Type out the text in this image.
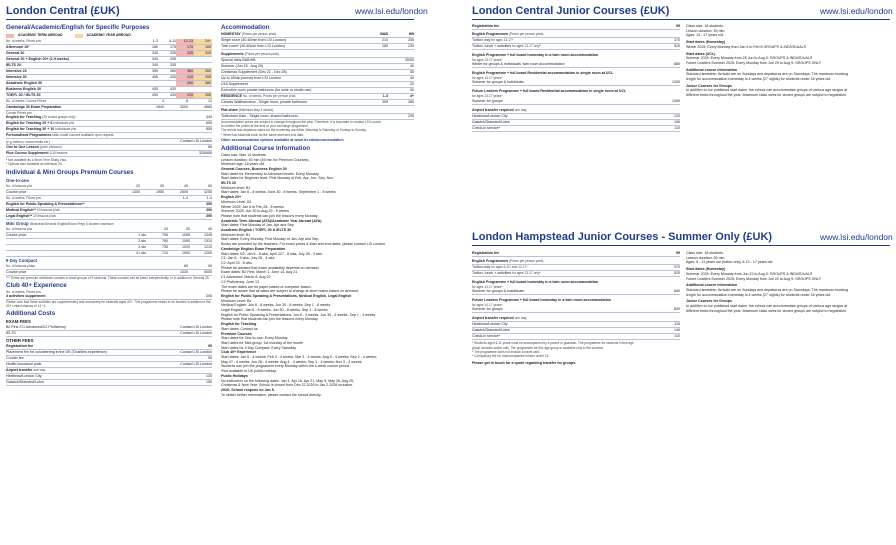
London Central (£UK)	www.lsi.edu/london	London Central Junior Courses (£UK)	www.lsi.edu/london
London Hampstead Junior Courses - Summer Only (£UK)	www.lsi.edu/london
General/Academic/English for Specific Purposes
ACADEMIC TERM ABROAD	ACADEMIC YEAR ABROAD
No. of weeks. Prices p/w	1-3	4-11	12-23	24+
Afternoon 10*	180	175	170	165
General 20	345	335	325	315
General 20 + English 20+ (1-9 weeks)	345	335
IELTS 20	345	335
Intensive 24	395	380	360	350
Intensive 30	455	430	410	395
Academic English 30	390	380
Business English 30	455	430
TOEFL 30 / IELTS 30	455	430	410	395
No. of weeks. Course Prices	4	8	12
Cambridge 30 Exam Preparation	1640	3200	4680
Course Prices p/w
English for Teaching (20 closed groups only)	345
English for Teaching 20 + 5 individuals p/w	600
English for Teaching 30 + 10 individuals p/w	855
Personalised Programmes tailor-made courses available upon request.
(e.g. fashion, social media etc.)	Contact LSI London
One to One Lesson (price p/lesson)	65
Plus Course Supplement 1/10 lessons	325/650
* Not available as a Short Term Study Visa.
* Options also available as Intensive 24.
Individual & Mini Groups Premium Courses
One-to-one
No. of lessons p/w	20	30	40	50
Course price	1300	1950	2600	3250
No. of weeks. Prices p/w	1-4	1-4
English for Public Speaking & Presentations**	390
Medical English** 10 lessons p/wk	390
Legal English** 10 lessons p/wk	390
Mini Group (Business/General English/Exam Prep) 5 student maximum
No. of lessons p/w	20	30	40
Course price	1 stu	795	1065	1345
2 stu	760	1050	1310
3 stu	735	1020	1210
4+ stu	710	1000	1200
9 Day Compact
No. of lessons p/day	60	90
Course price	3330	5000
*** These are premium certificate courses in small groups of 5 students. These courses can be taken independently, or in addition to General 30.
Club 40+ Experience
No. of weeks. Prices p/w
3 activities supplement	305
Please note that these activities are supplementary and exclusively for students aged 40+. This programme needs to be booked in addition to the 40+ Linked classes of 14 +1.
Additional Costs
EXAM FEES
B2 First /C1 Advanced/C2 Proficiency	Contact LSI London
IELTS	Contact LSI London
OTHER FEES
Registration fee	95
Placement fee for volunteering in the UK (Charities experience)	Contact LSI London
Courier fee	95
Health insurance p/wk	Contact LSI London
Airport transfer one way
Heathrow/London City	120
Gatwick/Stansted/Luton	150
Accommodation
HOMESTAY (Prices per person p/wk)	B&B	HB
Single room (40-60min from LSI London)	210	255
Twin room* (40-60min from LSI London)	185	230
Supplements (Prices per person p/wk)
Special diets B&B/HB	35/50
Summer (Jun 15 - Aug 29)	40
Christmas Supplement (Dec 21 - Dec 28)	55
Up to 45min journey from LSI London	40
U18 Supplement	20
Executive room private bathroom (for suite or studio use)	90
RESIDENCE No. of weeks. Prices per person p/wk	1-3	4+
Canvas Walthamstow - Single room, private bathroom	399	380
Flat share (Minimum stay 4 weeks)
Tottenham Hale - Single room, shared bathroom	299
Accommodation prices are subject to change throughout the year. Therefore, it is important to contact LSI London
to confirm the prices at the time of your exchange programme.
The arrival and departure dates for the homestay are either Saturday to Saturday or Sunday to Sunday.
* When two students book for the same start and end date.
Other accommodation options available at www.lsi.edu/accommodation
Additional Course Information
Class size: Max 14 students.
Lesson duration: 50 min (45 min for Premium Courses).
Minimum age: 16 years old.
General Courses, Business English 30
Start dates for Elementary to Advanced levels: Every Monday.
Start dates for Beginner level: First Monday of Feb, Apr, Jun, Sep, Nov.
IELTS 20
Minimum level: B1
Start dates: Jan 6 - 8 weeks, June 30 - 8 weeks, September 1 - 8 weeks
English 20+
Minimum Level: B1
Winter 2025: Jan 6 to Feb 28 - 8 weeks
Summer 2025: Jun 30 to Aug 29 - 9 weeks
Please note that students can join the lessons every Monday.
Academic Term Abroad (ATA)/Academic Year Abroad (AYA)
Start dates: First Monday of Jan, Apr and Sep.
Academic English / TOEFL 30 & IELTS 30
Minimum level: B1
Start dates: Every Monday. First Monday of Jan, Apr and Sep.
Books are provided by the teachers. For exam prices & start and end dates, please contact LSI London.
Cambridge English Exam Preparation
Start dates: B2: Jan 6 - 8 wks; April 22? - 8 wks; July 28 - 4 wks
C1: Jan 6 - 9 wks; July 28 - 4 wks
C2: April 23 - 8 wks
Please be advised that exam availability depends on demand.
Exam dates: B2 First: March 1, June 14, Aug 21
C1 Advanced: March 8, Aug 22
C2 Proficiency: June 13
The exam dates are for paper-based or computer-based.
Please be aware that all dates are subject to change at short notice based on demand.
English for Public Speaking & Presentations, Medical English, Legal English
Minimum Level: B1
Medical English: Jun 6 - 8 weeks, Jun 30 - 8 weeks, Sep 1 - 8 weeks
Legal English : Jan 6 - 8 weeks, Jun 30 - 8 weeks, Sep 1 - 8 weeks
English for Public Speaking & Presentations: Jun 6 - 4 weeks, Jun 30 - 4 weeks, Sep 1 - 4 weeks
Please note that students can join the lessons every Monday.
English for Teaching
Start dates: Contact us.
Premium Courses
Start dates for One-to-one: Every Monday
Start dates for Mini-group: 1st monday of the month
Start dates for 9 Day Compact: Every Saturday
Club 40+ Experience
Start dates: Jan 6 - 4 weeks; Feb 3 - 4 weeks; Mar 3 - 4 weeks; Aug 5 - 4 weeks; Sep 2 - 4 weeks;
May 4? - 4 weeks; Jun 28 - 4 weeks; Aug 4 - 4 weeks; Sep 1 - 4 weeks; Nov 3 - 4 weeks.
Students can join the programme every Monday within the 4-week course period.
*Not available to UK public holiday.
Public Holidays
No instruction on the following dates: Jan 1, Apr 18, Apr 21, May 5, May 26, Aug 25,
Christmas & New Year: School is closed from Dec 22 2025 to Jan 2 2026 inclusive.
2026: School reopens on Jan 5.
To obtain further information, please contact the school directly.
Registration fee	95
English Programmes (Prices per person p/wk)
Tuition only for ages 13-17*	370
Tuition, lunch + activities for ages 13-17 only*	520
English Programme + full board homestay in a twin room accommodation
for ages 13-17 years*
Winter for groups & individuals, twin room accommodation	880
English Programme + full board Residential accommodation in single room at UCL
for ages 13-17 years*
Summer for groups & individuals	1260
Future Leaders Programme + full board Residential accommodation in single room at UCL
for ages 13-17 years*
Summer for groups	1260
Airport transfer required one way
Heathrow/London City	120
Gatwick/Stansted/Luton	150
Check-in service*	110
Class size: 18 students.
Lesson duration: 50 min.
Ages: 13 - 17 years old.
Start dates (Homestay)
Winter 2025: Every Monday from Jan 5 to Feb 8 GROUPS & INDIVIDUALS
Start dates (UCL)
Summer 2025: Every Monday from 29 Jun to Aug 9: GROUPS & INDIVIDUALS
Future Leaders Summer 2025: Every Monday from Jun 29 to Aug 9: GROUPS ONLY
Additional course information
Standard timetable: Arrivals are on Sundays and departures are on Saturdays. The maximum booking
length for accommodation homestay is 4 weeks (27 nights) for students under 16 years old.
Junior Courses for Groups
In addition to our published start dates, the school can accommodate groups of various age ranges at
different times throughout the year. Maximum class sizes for closed groups are subject to negotiation.
Registration fee	95
English Programmes (Prices per person p/wk)
Tuition only for ages 6-11* and 12-17*	370
Tuition, lunch + activities for ages 13-17 only*	520
English Programme + full board homestay in a twin room accommodation
for ages 13-17 years*
Summer for groups & individuals	840
Future Leaders Programme + full board homestay in a twin room accommodation
for ages 14-17 years*
Summer for groups	840
Airport transfer required one way
Heathrow/London City	115
Gatwick/Stansted/Luton	140
Check-in service*	110
* Students aged 6-11 years must be accompanied by a parent or guardian. The programme for students in this age
group includes tuition only. The programme for this age group is available only in the summer.
* The programme does not include a travel card.
* Compulsory fee for unaccompanied minors under 16.
Please get in touch for a quote regarding transfer for groups.
Class size: 18 students.
Lesson duration: 50 min.
Ages: 6 - 11 years old (tuition only) & 13 - 17 years old.
Start dates (Homestay)
Summer 2025: Every Monday from Jun 22 to Aug 9: GROUPS & INDIVIDUALS
Future Leaders Summer 2025: Every Monday from Jun 22 to Aug 9: GROUPS ONLY
Additional course information
Standard timetable: Arrivals are on Sundays and departures are on Saturdays. The maximum booking
length for accommodation homestay is 4 weeks (27 nights) for students under 16 years old.
Junior Courses for Groups
In addition to our published start dates, the school can accommodate groups of various age ranges at
different times throughout the year. Maximum class sizes for closed groups are subject to negotiation.
